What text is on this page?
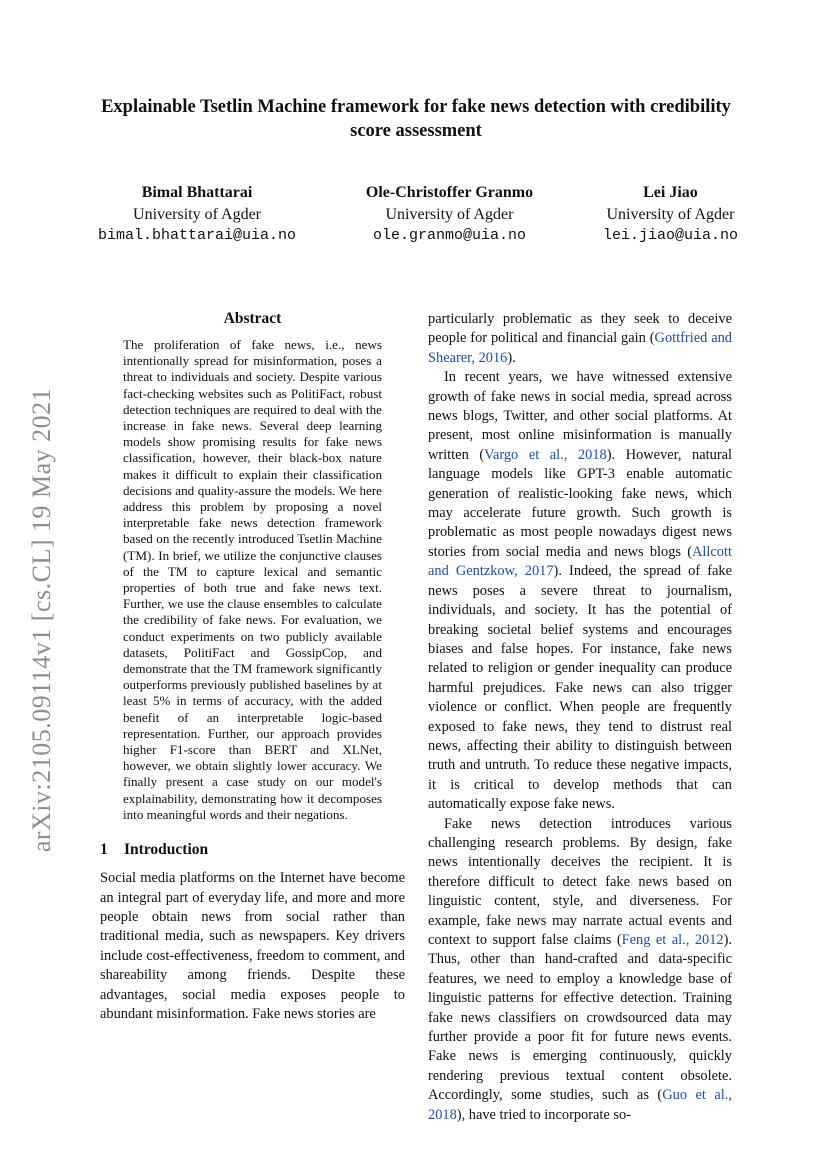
arXiv:2105.09114v1 [cs.CL] 19 May 2021
Explainable Tsetlin Machine framework for fake news detection with credibility score assessment
Bimal Bhattarai
University of Agder
bimal.bhattarai@uia.no
Ole-Christoffer Granmo
University of Agder
ole.granmo@uia.no
Lei Jiao
University of Agder
lei.jiao@uia.no
Abstract

The proliferation of fake news, i.e., news intentionally spread for misinformation, poses a threat to individuals and society. Despite various fact-checking websites such as PolitiFact, robust detection techniques are required to deal with the increase in fake news. Several deep learning models show promising results for fake news classification, however, their black-box nature makes it difficult to explain their classification decisions and quality-assure the models. We here address this problem by proposing a novel interpretable fake news detection framework based on the recently introduced Tsetlin Machine (TM). In brief, we utilize the conjunctive clauses of the TM to capture lexical and semantic properties of both true and fake news text. Further, we use the clause ensembles to calculate the credibility of fake news. For evaluation, we conduct experiments on two publicly available datasets, PolitiFact and GossipCop, and demonstrate that the TM framework significantly outperforms previously published baselines by at least 5% in terms of accuracy, with the added benefit of an interpretable logic-based representation. Further, our approach provides higher F1-score than BERT and XLNet, however, we obtain slightly lower accuracy. We finally present a case study on our model's explainability, demonstrating how it decomposes into meaningful words and their negations.

1 Introduction

Social media platforms on the Internet have become an integral part of everyday life, and more and more people obtain news from social rather than traditional media, such as newspapers. Key drivers include cost-effectiveness, freedom to comment, and shareability among friends. Despite these advantages, social media exposes people to abundant misinformation. Fake news stories are

particularly problematic as they seek to deceive people for political and financial gain (Gottfried and Shearer, 2016).

In recent years, we have witnessed extensive growth of fake news in social media, spread across news blogs, Twitter, and other social platforms. At present, most online misinformation is manually written (Vargo et al., 2018). However, natural language models like GPT-3 enable automatic generation of realistic-looking fake news, which may accelerate future growth. Such growth is problematic as most people nowadays digest news stories from social media and news blogs (Allcott and Gentzkow, 2017). Indeed, the spread of fake news poses a severe threat to journalism, individuals, and society. It has the potential of breaking societal belief systems and encourages biases and false hopes. For instance, fake news related to religion or gender inequality can produce harmful prejudices. Fake news can also trigger violence or conflict. When people are frequently exposed to fake news, they tend to distrust real news, affecting their ability to distinguish between truth and untruth. To reduce these negative impacts, it is critical to develop methods that can automatically expose fake news.

Fake news detection introduces various challenging research problems. By design, fake news intentionally deceives the recipient. It is therefore difficult to detect fake news based on linguistic content, style, and diverseness. For example, fake news may narrate actual events and context to support false claims (Feng et al., 2012). Thus, other than hand-crafted and data-specific features, we need to employ a knowledge base of linguistic patterns for effective detection. Training fake news classifiers on crowdsourced data may further provide a poor fit for future news events. Fake news is emerging continuously, quickly rendering previous textual content obsolete. Accordingly, some studies, such as (Guo et al., 2018), have tried to incorporate so-
